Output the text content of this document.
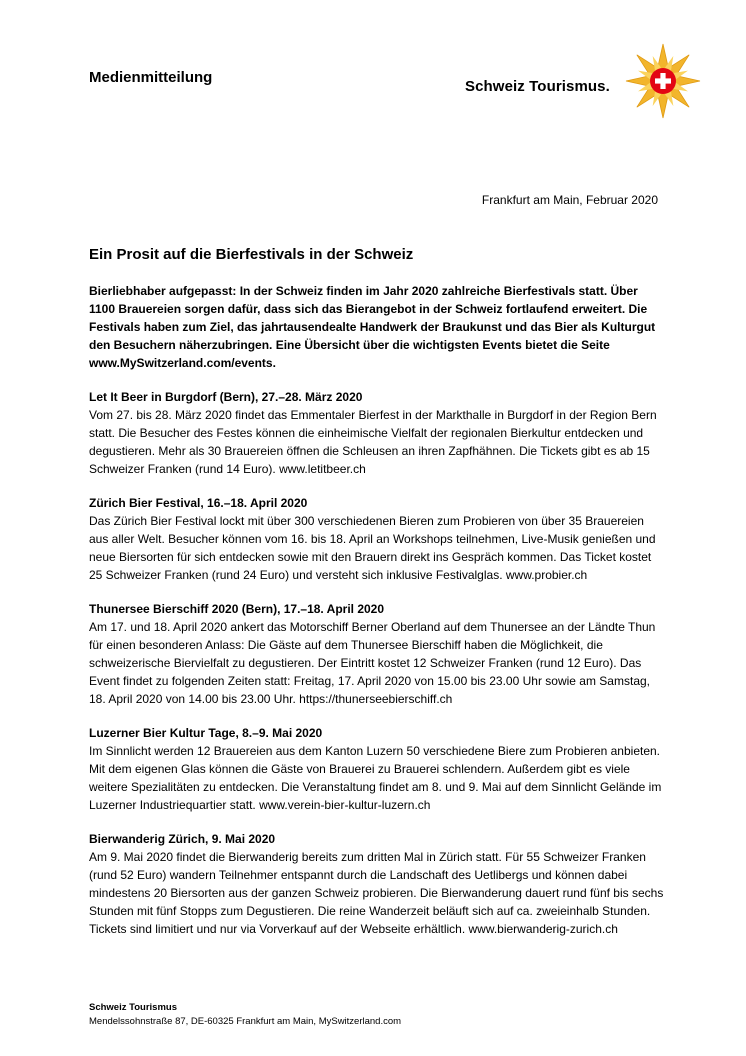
Medienmitteilung
Schweiz Tourismus.
Frankfurt am Main, Februar 2020
Ein Prosit auf die Bierfestivals in der Schweiz

Bierliebhaber aufgepasst: In der Schweiz finden im Jahr 2020 zahlreiche Bierfestivals statt. Über 1100 Brauereien sorgen dafür, dass sich das Bierangebot in der Schweiz fortlaufend erweitert. Die Festivals haben zum Ziel, das jahrtausendealte Handwerk der Braukunst und das Bier als Kulturgut den Besuchern näherzubringen. Eine Übersicht über die wichtigsten Events bietet die Seite www.MySwitzerland.com/events.

Let It Beer in Burgdorf (Bern), 27.–28. März 2020

Vom 27. bis 28. März 2020 findet das Emmentaler Bierfest in der Markthalle in Burgdorf in der Region Bern statt. Die Besucher des Festes können die einheimische Vielfalt der regionalen Bierkultur entdecken und degustieren. Mehr als 30 Brauereien öffnen die Schleusen an ihren Zapfhähnen. Die Tickets gibt es ab 15 Schweizer Franken (rund 14 Euro). www.letitbeer.ch

Zürich Bier Festival, 16.–18. April 2020

Das Zürich Bier Festival lockt mit über 300 verschiedenen Bieren zum Probieren von über 35 Brauereien aus aller Welt. Besucher können vom 16. bis 18. April an Workshops teilnehmen, Live-Musik genießen und neue Biersorten für sich entdecken sowie mit den Brauern direkt ins Gespräch kommen. Das Ticket kostet 25 Schweizer Franken (rund 24 Euro) und versteht sich inklusive Festivalglas. www.probier.ch

Thunersee Bierschiff 2020 (Bern), 17.–18. April 2020

Am 17. und 18. April 2020 ankert das Motorschiff Berner Oberland auf dem Thunersee an der Ländte Thun für einen besonderen Anlass: Die Gäste auf dem Thunersee Bierschiff haben die Möglichkeit, die schweizerische Biervielfalt zu degustieren. Der Eintritt kostet 12 Schweizer Franken (rund 12 Euro). Das Event findet zu folgenden Zeiten statt: Freitag, 17. April 2020 von 15.00 bis 23.00 Uhr sowie am Samstag, 18. April 2020 von 14.00 bis 23.00 Uhr. https://thunerseebierschiff.ch

Luzerner Bier Kultur Tage, 8.–9. Mai 2020

Im Sinnlicht werden 12 Brauereien aus dem Kanton Luzern 50 verschiedene Biere zum Probieren anbieten. Mit dem eigenen Glas können die Gäste von Brauerei zu Brauerei schlendern. Außerdem gibt es viele weitere Spezialitäten zu entdecken. Die Veranstaltung findet am 8. und 9. Mai auf dem Sinnlicht Gelände im Luzerner Industriequartier statt. www.verein-bier-kultur-luzern.ch

Bierwanderig Zürich, 9. Mai 2020

Am 9. Mai 2020 findet die Bierwanderig bereits zum dritten Mal in Zürich statt. Für 55 Schweizer Franken (rund 52 Euro) wandern Teilnehmer entspannt durch die Landschaft des Uetlibergs und können dabei mindestens 20 Biersorten aus der ganzen Schweiz probieren. Die Bierwanderung dauert rund fünf bis sechs Stunden mit fünf Stopps zum Degustieren. Die reine Wanderzeit beläuft sich auf ca. zweieinhalb Stunden. Tickets sind limitiert und nur via Vorverkauf auf der Webseite erhältlich. www.bierwanderig-zurich.ch

Schweiz Tourismus
Mendelssohnstraße 87, DE-60325 Frankfurt am Main, MySwitzerland.com
